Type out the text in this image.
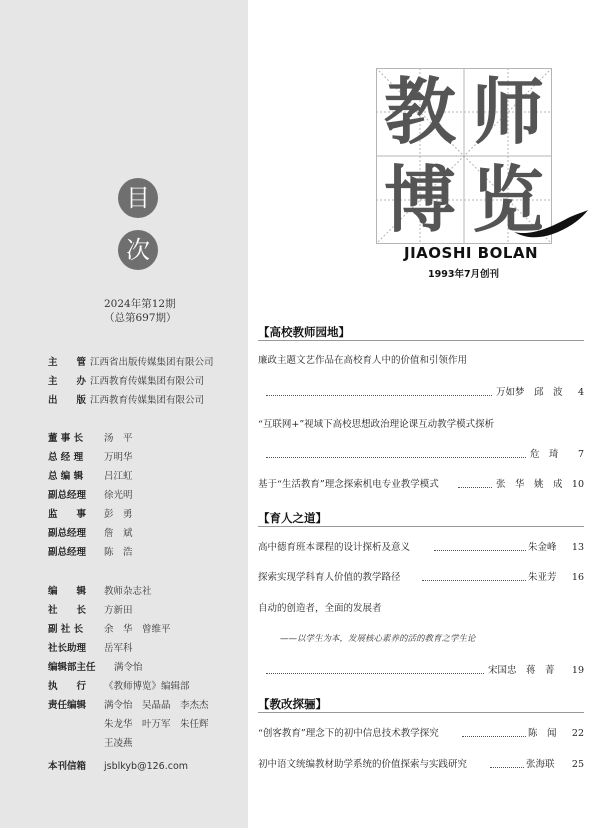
目
次
2024年第12期
（总第697期）
主　　管 江西省出版传媒集团有限公司
主　　办 江西教育传媒集团有限公司
出　　版 江西教育传媒集团有限公司
董 事 长 汤　平
总 经 理 万明华
总 编 辑 吕江虹
副总经理 徐光明
监　　事 彭　勇
副总经理 詹　斌
副总经理 陈　浩
编　　辑 教师杂志社
社　　长 方新田
副 社 长 余　华　曾维平
社长助理 岳军科
编辑部主任 满令怡
执　　行 《教师博览》编辑部
责任编辑 满令怡　吴晶晶　李杰杰
朱龙华　叶万军　朱任辉
王凌燕
本刊信箱 jsblkyb@126.com
教 师
博 览
JIAOSHI BOLAN
1993年7月创刊
【高校教师园地】
廉政主题文艺作品在高校育人中的价值和引领作用
万如梦　邱　波 4
“互联网+”视域下高校思想政治理论课互动教学模式探析
危　琦 7
基于“生活教育”理念探索机电专业教学模式	张　华　姚　成 10
【育人之道】
高中德育班本课程的设计探析及意义	朱金峰 13
探索实现学科育人价值的教学路径	朱亚芳 16
自动的创造者，全面的发展者
——以学生为本，发展核心素养的活的教育之学生论
宋国忠　蒋　菁 19
【教改探骊】
“创客教育”理念下的初中信息技术教学探究	陈　闻 22
初中语文统编教材助学系统的价值探索与实践研究	张海联 25
